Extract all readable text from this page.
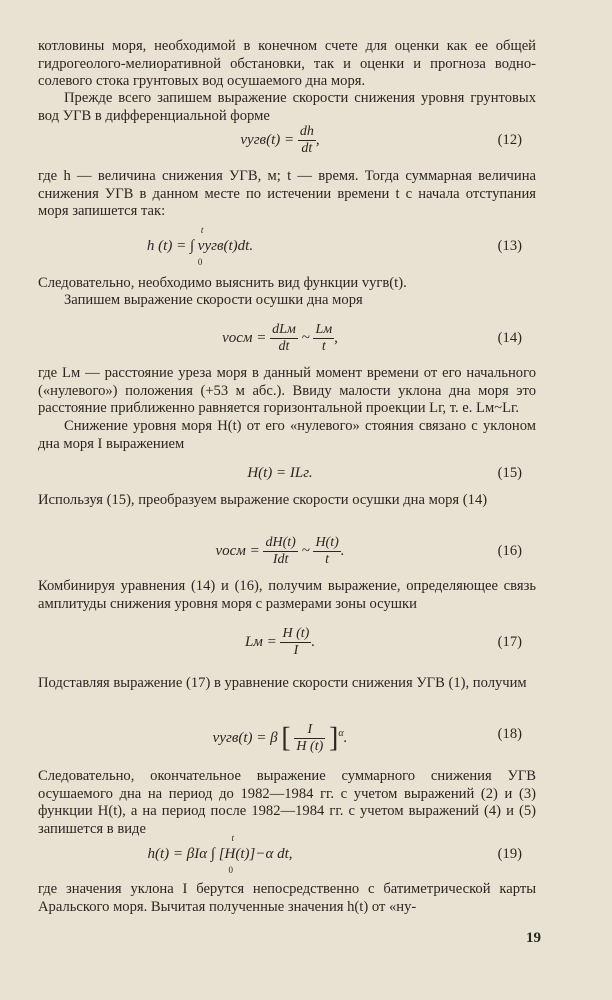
котловины моря, необходимой в конечном счете для оценки как ее общей гидрогеолого-мелиоративной обстановки, так и оценки и прогноза водно-солевого стока грунтовых вод осушаемого дна моря.

Прежде всего запишем выражение скорости снижения уровня грунтовых вод УГВ в дифференциальной форме

vугв(t) = $\frac{dh}{dt}$ ,	(12)

где h — величина снижения УГВ, м; t — время. Тогда суммарная величина снижения УГВ в данном месте по истечении времени t с начала отступания моря запишется так:

h (t) = ∫ vугв(t)dt.
t
0
(13)

Следовательно, необходимо выяснить вид функции vугв(t).

Запишем выражение скорости осушки дна моря

vосм = $\frac{\text{dLм}}{dt}$ ~ $\frac{Lм}{t}$ ,	(14)

где Lм — расстояние уреза моря в данный момент времени от его начального («нулевого») положения (+53 м абс.). Ввиду малости уклона дна моря это расстояние приближенно равняется горизонтальной проекции Lг, т. е. Lм~Lг.

Снижение уровня моря H(t) от его «нулевого» стояния связано с уклоном дна моря I выражением

H(t) = ILг.	(15)

Используя (15), преобразуем выражение скорости осушки дна моря (14)

vосм = $\frac{dH(t)}{\text{Idt}}$ ~ $\frac{H(t)}{t}$ .	(16)

Комбинируя уравнения (14) и (16), получим выражение, определяющее связь амплитуды снижения уровня моря с размерами зоны осушки

Lм = $\frac{H (t)}{I}$ .	(17)

Подставляя выражение (17) в уравнение скорости снижения УГВ (1), получим

vугв(t) = β [ $\frac{I}{H (t)} ]^\alpha$.	(18)

Следовательно, окончательное выражение суммарного снижения УГВ осушаемого дна на период до 1982—1984 гг. с учетом выражений (2) и (3) функции H(t), а на период после 1982—1984 гг. с учетом выражений (4) и (5) запишется в виде

h(t) = βIα ∫ [H(t)]−α dt,
t
0
(19)

где значения уклона I берутся непосредственно с батиметрической карты Аральского моря. Вычитая полученные значения h(t) от «ну-

19
